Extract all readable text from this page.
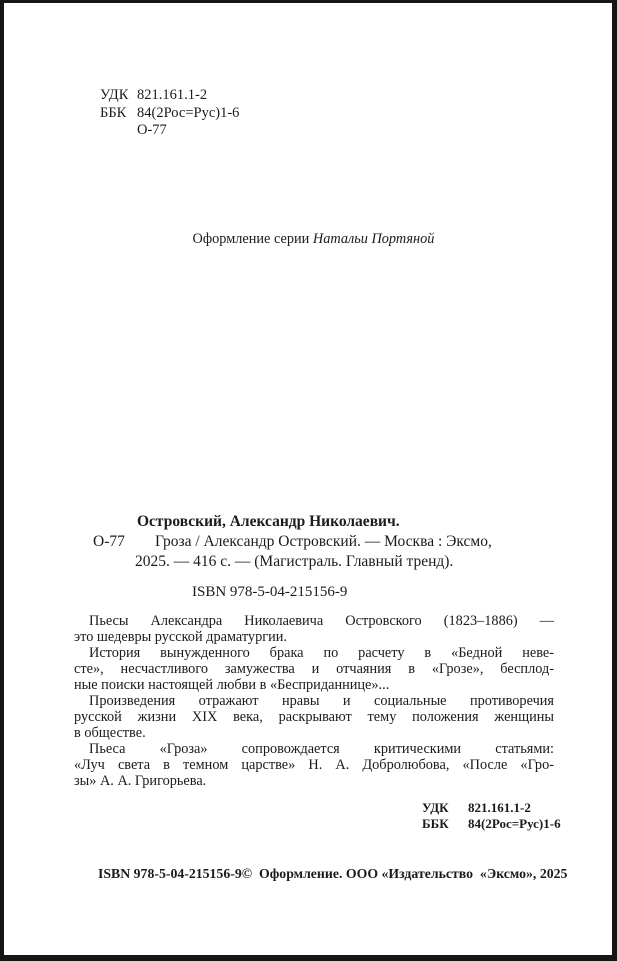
УДК 821.161.1-2
ББК 84(2Рос=Рус)1-6
О-77
Оформление серии Натальи Портяной
Островский, Александр Николаевич.
О-77 Гроза / Александр Островский. — Москва : Эксмо,
2025. — 416 с. — (Магистраль. Главный тренд).
ISBN 978-5-04-215156-9
Пьесы Александра Николаевича Островского (1823–1886) —
это шедевры русской драматургии.
История вынужденного брака по расчету в «Бедной неве-
сте», несчастливого замужества и отчаяния в «Грозе», бесплод-
ные поиски настоящей любви в «Бесприданнице»...
Произведения отражают нравы и социальные противоречия
русской жизни XIX века, раскрывают тему положения женщины
в обществе.
Пьеса «Гроза» сопровождается критическими статьями:
«Луч света в темном царстве» Н. А. Добролюбова, «После «Гро-
зы» А. А. Григорьева.
УДК	821.161.1-2
ББК	84(2Рос=Рус)1-6
ISBN 978-5-04-215156-9 © Оформление. ООО «Издательство  «Эксмо», 2025
